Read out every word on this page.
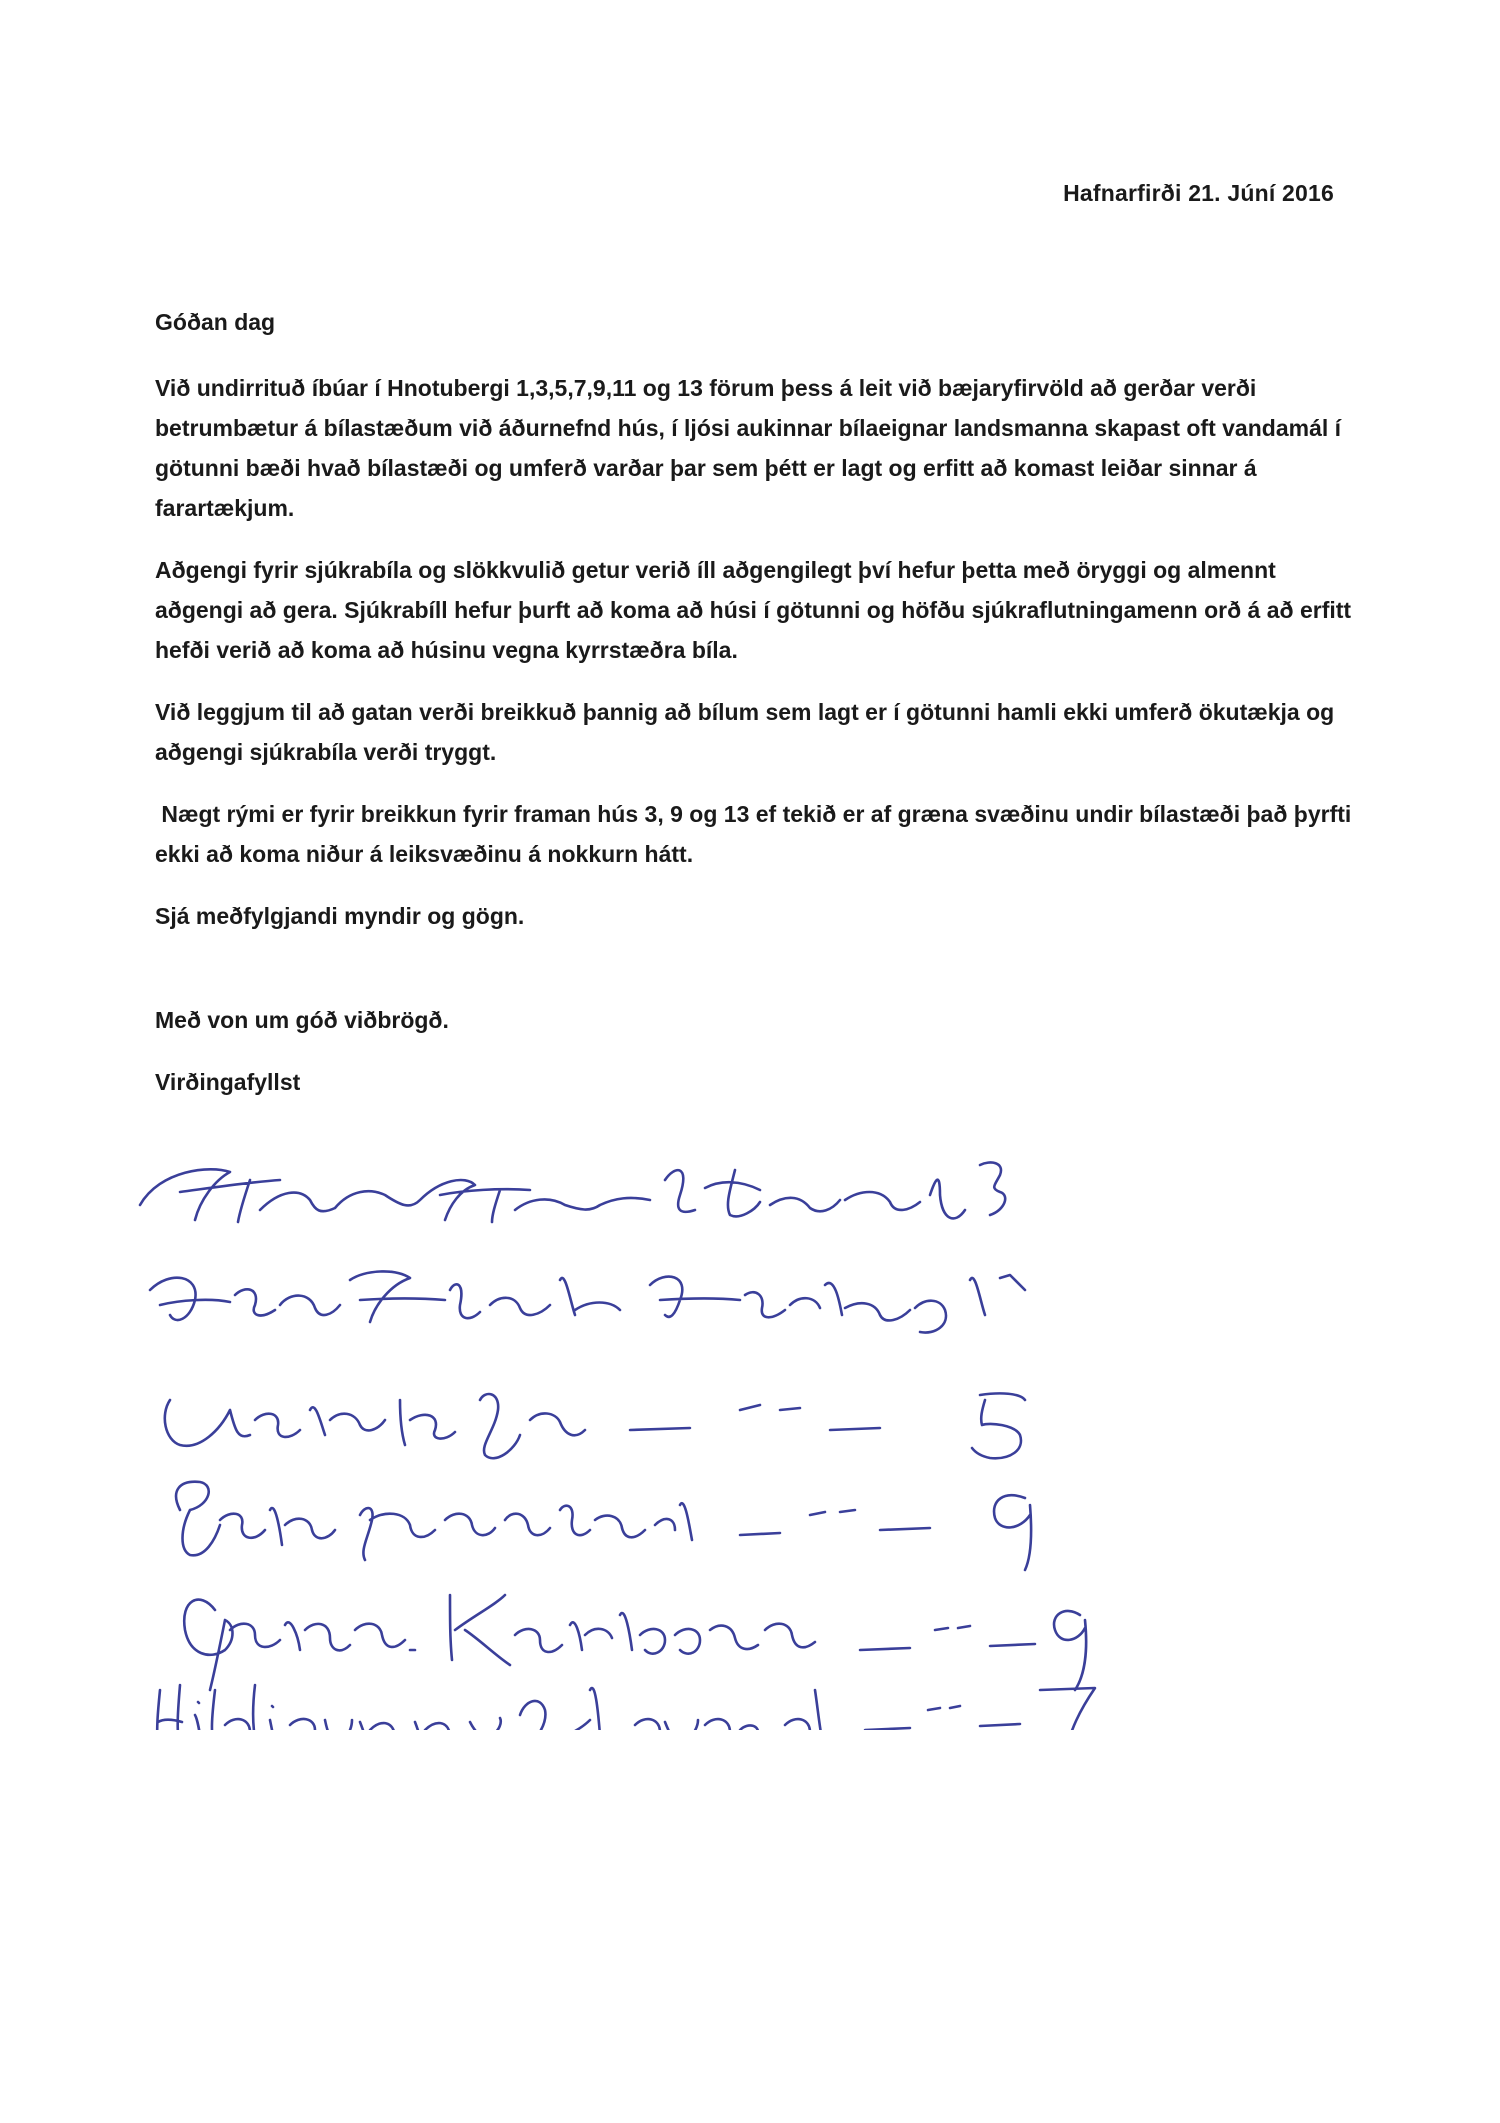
Hafnarfirði 21. Júní 2016

Góðan dag

Við undirrituð íbúar í Hnotubergi 1,3,5,7,9,11 og 13 förum þess á leit við bæjaryfirvöld að gerðar verði betrumbætur á bílastæðum við áðurnefnd hús, í ljósi aukinnar bílaeignar landsmanna skapast oft vandamál í götunni bæði hvað bílastæði og umferð varðar þar sem þétt er lagt og erfitt að komast leiðar sinnar á farartækjum.

Aðgengi fyrir sjúkrabíla og slökkvulið getur verið íll aðgengilegt því hefur þetta með öryggi og almennt aðgengi að gera. Sjúkrabíll hefur þurft að koma að húsi í götunni og höfðu sjúkraflutningamenn orð á að erfitt hefði verið að koma að húsinu vegna kyrrstæðra bíla.

Við leggjum til að gatan verði breikkuð þannig að bílum sem lagt er í götunni hamli ekki umferð ökutækja og aðgengi sjúkrabíla verði tryggt.

Nægt rými er fyrir breikkun fyrir framan hús 3, 9 og 13 ef tekið er af græna svæðinu undir bílastæði það þyrfti ekki að koma niður á leiksvæðinu á nokkurn hátt.

Sjá meðfylgjandi myndir og gögn.

Með von um góð viðbrögð.

Virðingafyllst
